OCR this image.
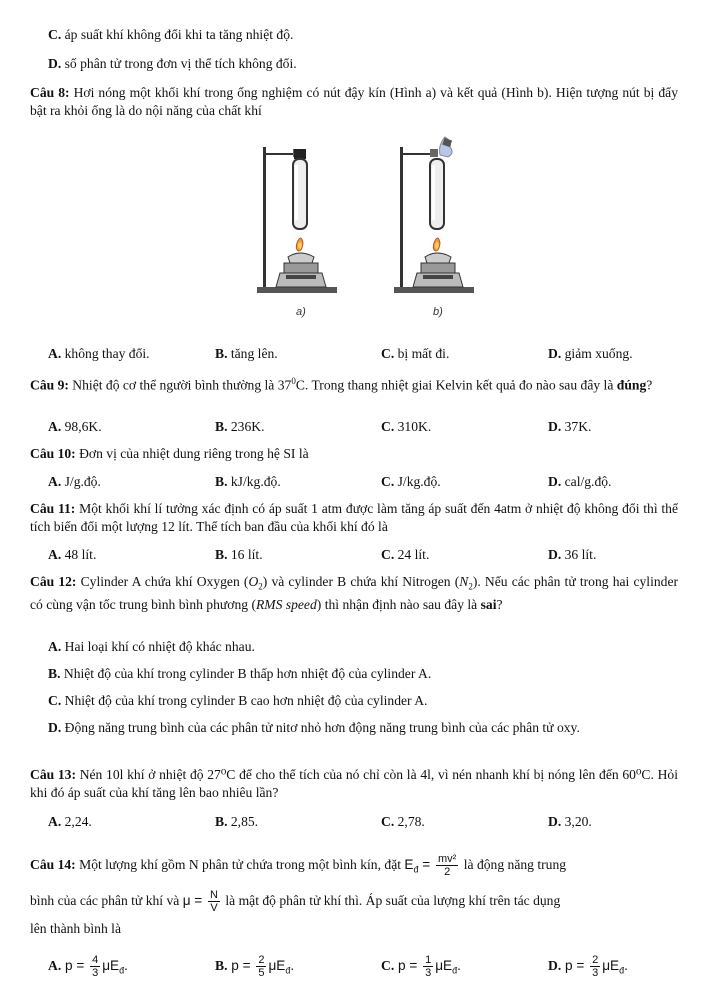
C. áp suất khí không đổi khi ta tăng nhiệt độ.
D. số phân tử trong đơn vị thể tích không đổi.
Câu 8: Hơi nóng một khối khí trong ống nghiệm có nút đậy kín (Hình a) và kết quả (Hình b). Hiện tượng nút bị đẩy bật ra khỏi ống là do nội năng của chất khí
a)	b)
A. không thay đổi.	B. tăng lên.	C. bị mất đi.	D. giảm xuống.
Câu 9: Nhiệt độ cơ thể người bình thường là $37^0C$. Trong thang nhiệt giai Kelvin kết quả đo nào sau đây là đúng?
A. 98,6K.	B. 236K.	C. 310K.	D. 37K.
Câu 10: Đơn vị của nhiệt dung riêng trong hệ SI là
A. J/g.độ.	B. kJ/kg.độ.	C. J/kg.độ.	D. cal/g.độ.
Câu 11: Một khối khí lí tưởng xác định có áp suất 1 atm được làm tăng áp suất đến 4atm ở nhiệt độ không đổi thì thể tích biến đổi một lượng 12 lít. Thể tích ban đầu của khối khí đó là
A. 48 lít.	B. 16 lít.	C. 24 lít.	D. 36 lít.
Câu 12: Cylinder A chứa khí Oxygen $(O_2)$ và cylinder B chứa khí Nitrogen $(N_2)$. Nếu các phân tử trong hai cylinder có cùng vận tốc trung bình bình phương (RMS speed) thì nhận định nào sau đây là sai?
A. Hai loại khí có nhiệt độ khác nhau.
B. Nhiệt độ của khí trong cylinder B thấp hơn nhiệt độ của cylinder A.
C. Nhiệt độ của khí trong cylinder B cao hơn nhiệt độ của cylinder A.
D. Động năng trung bình của các phân tử nitơ nhỏ hơn động năng trung bình của các phân tử oxy.
Câu 13: Nén 10l khí ở nhiệt độ 27⁰C để cho thể tích của nó chỉ còn là 4l, vì nén nhanh khí bị nóng lên đến 60⁰C. Hỏi khi đó áp suất của khí tăng lên bao nhiêu lần?
A. 2,24.	B. 2,85.	C. 2,78.	D. 3,20.
Câu 14: Một lượng khí gồm N phân tử chứa trong một bình kín, đặt $E_đ = \frac{\text{mv²}}{2}$ là động năng trung
bình của các phân tử khí và $\mu = \frac{N}{V}$ là mật độ phân tử khí thì. Áp suất của lượng khí trên tác dụng
lên thành bình là
A. $p = \frac{4}{3} \mu E_đ$.	B. $p = \frac{2}{5} \mu E_đ$.	C. $p = \frac{1}{3} \mu E_đ$.	D. $p = \frac{2}{3} \mu E_đ$.
